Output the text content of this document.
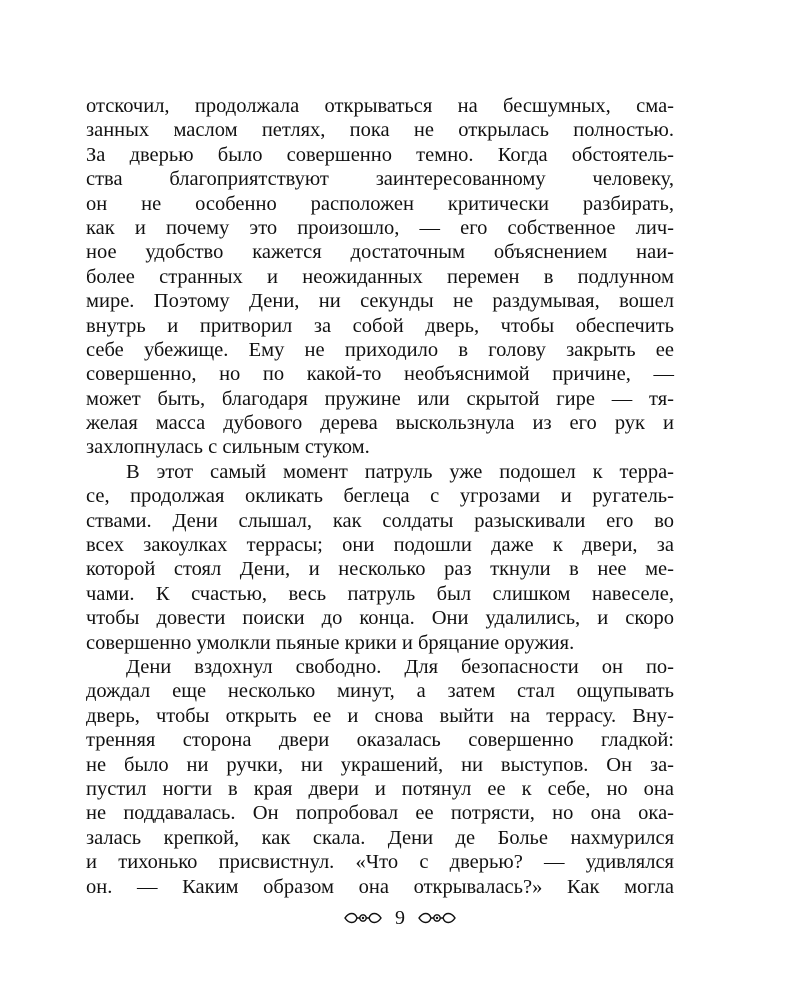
отскочил, продолжала открываться на бесшумных, сма-
занных маслом петлях, пока не открылась полностью.
За дверью было совершенно темно. Когда обстоятель-
ства благоприятствуют заинтересованному человеку,
он не особенно расположен критически разбирать,
как и почему это произошло, — его собственное лич-
ное удобство кажется достаточным объяснением наи-
более странных и неожиданных перемен в подлунном
мире. Поэтому Дени, ни секунды не раздумывая, вошел
внутрь и притворил за собой дверь, чтобы обеспечить
себе убежище. Ему не приходило в голову закрыть ее
совершенно, но по какой-то необъяснимой причине, —
может быть, благодаря пружине или скрытой гире — тя-
желая масса дубового дерева выскользнула из его рук и
захлопнулась с сильным стуком.
В этот самый момент патруль уже подошел к терра-
се, продолжая окликать беглеца с угрозами и ругатель-
ствами. Дени слышал, как солдаты разыскивали его во
всех закоулках террасы; они подошли даже к двери, за
которой стоял Дени, и несколько раз ткнули в нее ме-
чами. К счастью, весь патруль был слишком навеселе,
чтобы довести поиски до конца. Они удалились, и скоро
совершенно умолкли пьяные крики и бряцание оружия.
Дени вздохнул свободно. Для безопасности он по-
дождал еще несколько минут, а затем стал ощупывать
дверь, чтобы открыть ее и снова выйти на террасу. Вну-
тренняя сторона двери оказалась совершенно гладкой:
не было ни ручки, ни украшений, ни выступов. Он за-
пустил ногти в края двери и потянул ее к себе, но она
не поддавалась. Он попробовал ее потрясти, но она ока-
залась крепкой, как скала. Дени де Болье нахмурился
и тихонько присвистнул. «Что с дверью? — удивлялся
он. — Каким образом она открывалась?» Как могла
9
